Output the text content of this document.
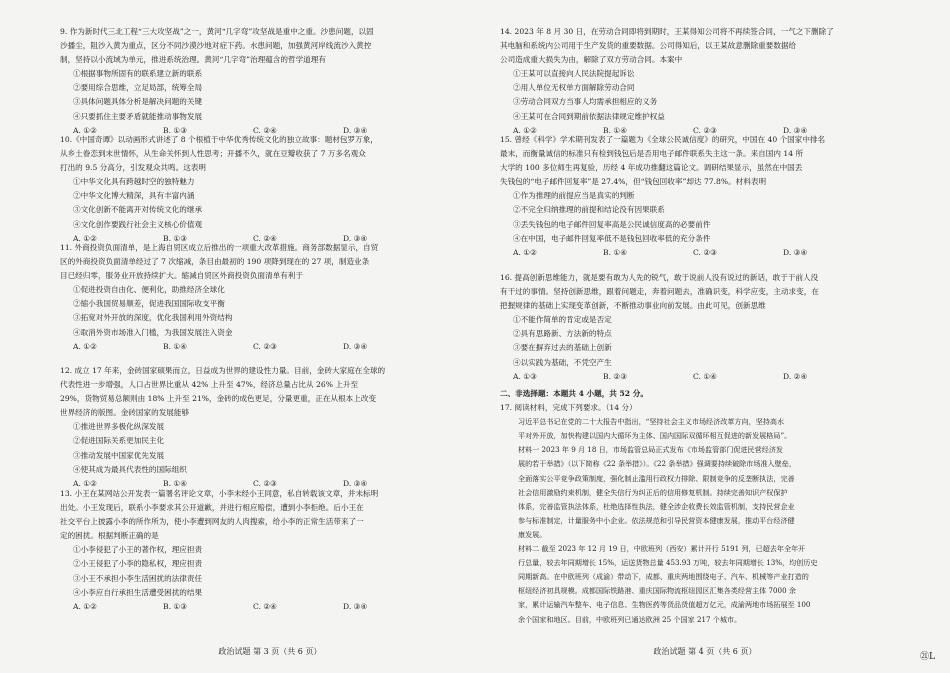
9. 作为新时代三北工程“三大攻坚战”之一，黄河“几字弯”攻坚战是重中之重。沙患问题，以固
沙播尘，阻沙入黄为重点，区分不同沙漠沙地对症下药。水患问题，加强黄河岸线流沙入黄控
制，坚持以小流域为单元，推进系统治理。黄河“几字弯”治理蕴含的哲学道理有
①根据事物所固有的联系建立新的联系
②要用综合思维，立足局部，统筹全局
③具体问题具体分析是解决问题的关键
④只要抓住主要矛盾就能推动事物发展
A. ①②	B. ①③	C. ②④	D. ③④
10.《中国奇谭》以动画形式讲述了 8 个根植于中华优秀传统文化的独立故事：题材包罗万象，
从乡土眷恋到末世情怀，从生命关怀到人性思考；开播不久，就在豆瓣收获了 7 万多名观众
打出的 9.5 分高分，引发观众共鸣。这表明
①中华文化具有跨越时空的独特魅力
②中华文化博大精深，具有丰富内涵
③文化创新不能离开对传统文化的继承
④文化创作要践行社会主义核心价值观
A. ①②	B. ①③	C. ②④	D. ③④
11. 外商投资负面清单，是上海自贸区成立后推出的一项重大改革措施。商务部数据显示，自贸
区的外商投资负面清单经过了 7 次缩减，条目由最初的 190 项降到现在的 27 项，制造业条
目已经归零，服务业开放持续扩大。缩减自贸区外商投资负面清单有利于
①促进投资自由化、便利化，助推经济全球化
②缩小我国贸易顺差，促进我国国际收支平衡
③拓宽对外开放的深度，优化我国利用外资结构
④取消外资市场准入门槛，为我国发展注入资金
A. ①②	B. ①④	C. ②③	D. ③④
12. 成立 17 年来，金砖国家硕果而立，日益成为世界的建设性力量。目前，金砖大家庭在全球的
代表性进一步增强，人口占世界比重从 42% 上升至 47%，经济总量占比从 26% 上升至
29%，货物贸易总额则由 18% 上升至 21%，金砖的成色更足，分量更重，正在从根本上改变
世界经济的版图。金砖国家的发展能够
①推进世界多极化纵深发展
②促进国际关系更加民主化
③推动发展中国家优先发展
④使其成为最具代表性的国际组织
A. ①②	B. ①④	C. ②③	D. ③④
13. 小王在某网站公开发表一篇署名评论文章，小李未经小王同意，私自转载该文章，并未标明
出处。小王发现后，联系小李要求其公开道歉，并进行相应赔偿，遭到小李拒绝。后小王在
社交平台上披露小李的所作所为，使小李遭到网友的人肉搜索，给小李的正常生活带来了一
定的困扰。根据判断正确的是
①小李侵犯了小王的著作权，理应担责
②小王侵犯了小李的隐私权，理应担责
③小王不承担小李生活困扰的法律责任
④小李应自行承担生活遭受困扰的结果
A. ①②	B. ①③	C. ②④	D. ③④
政治试题 第 3 页（共 6 页）
14. 2023 年 8 月 30 日，在劳动合同即将到期时，王某得知公司将不再续签合同，一气之下删除了
其电脑和系统内公司用于生产发货的重要数据。公司得知后，以王某故意删除重要数据给
公司造成重大损失为由，解除了双方劳动合同。本案中
①王某可以直接向人民法院提起诉讼
②用人单位无权单方面解除劳动合同
③劳动合同双方当事人均需承担相应的义务
④王某可在合同到期前依据法律规定维护权益
A. ①②	B. ①④	C. ②③	D. ③④
15. 曾经《科学》学术期刊发表了一篇题为《全球公民诚信度》的研究，中国在 40 个国家中排名
最末，而衡量诚信的标准只有检到钱包后是否用电子邮件联系失主这一条。来自国内 14 所
大学的 100 多位师生再复验，历经 4 年成功推翻这篇论文。调研结果显示，虽然在中国丢
失钱包的“电子邮件回复率”是 27.4%，但“钱包回收率”却达 77.8%。材料表明
①作为推理的前提应当是真实的判断
②不完全归纳推理的前提和结论没有因果联系
③丢失钱包的电子邮件回复率高是公民诚信度高的必要前件
④在中国，电子邮件回复率低不是钱包回收率低的充分条件
A. ①②	B. ①④	C. ②③	D. ③④
16. 提高创新思维能力，就是要有敢为人先的锐气，敢于说前人没有说过的新话，敢于干前人没
有干过的事情。坚持创新思维，跟着问题走，奔着问题去，准确识变，科学应变，主动求变，在
把握规律的基础上实现变革创新，不断推动事业向前发展。由此可见，创新思维
①不能作简单的肯定或是否定
②具有思路新、方法新的特点
③要在摒弃过去的基础上创新
④以实践为基础，不凭空产生
A. ①③	B. ②③	C. ①④	D. ②④
二、非选择题：本题共 4 小题，共 52 分。
17. 阅读材料，完成下列要求。（14 分）
习近平总书记在党的二十大报告中指出，“坚持社会主义市场经济改革方向，坚持高水
平对外开放，加快构建以国内大循环为主体、国内国际双循环相互促进的新发展格局”。
材料一 2023 年 9 月 18 日，市场监管总局正式发布《市场监管部门促进民营经济发
展的若干举措》（以下简称《22 条举措》）。《22 条举措》强调要持续破除市场准入壁垒，
全面落实公平竞争政策制度，强化制止滥用行政权力排除、限制竞争的反垄断执法，完善
社会信用激励约束机制，健全失信行为纠正后的信用修复机制。持续完善知识产权保护
体系，完善监管执法体系，杜绝选择性执法，健全涉企收费长效监管机制，支持民营企业
参与标准制定，计量服务中小企业。依法规范和引导民营资本健康发展，推动平台经济健
康发展。
材料二 截至 2023 年 12 月 19 日，中欧班列（西安）累计开行 5191 列，已超去年全年开
行总量，较去年同期增长 15%，运送货物总量 453.93 万吨，较去年同期增长 13%，均创历史
同期新高。在中欧班列（成渝）带动下，成都、重庆两地围绕电子、汽车、机械等产业打造的
枢纽经济初具规模。成都国际铁路港、重庆国际物流枢纽园区汇集各类经营主体 7000 余
家，累计运输汽车整车、电子信息、生物医药等货品货值超万亿元，成渝两地市场拓展至 100
余个国家和地区。目前，中欧班列已通达欧洲 25 个国家 217 个城市。
政治试题 第 4 页（共 6 页）
㉑L
